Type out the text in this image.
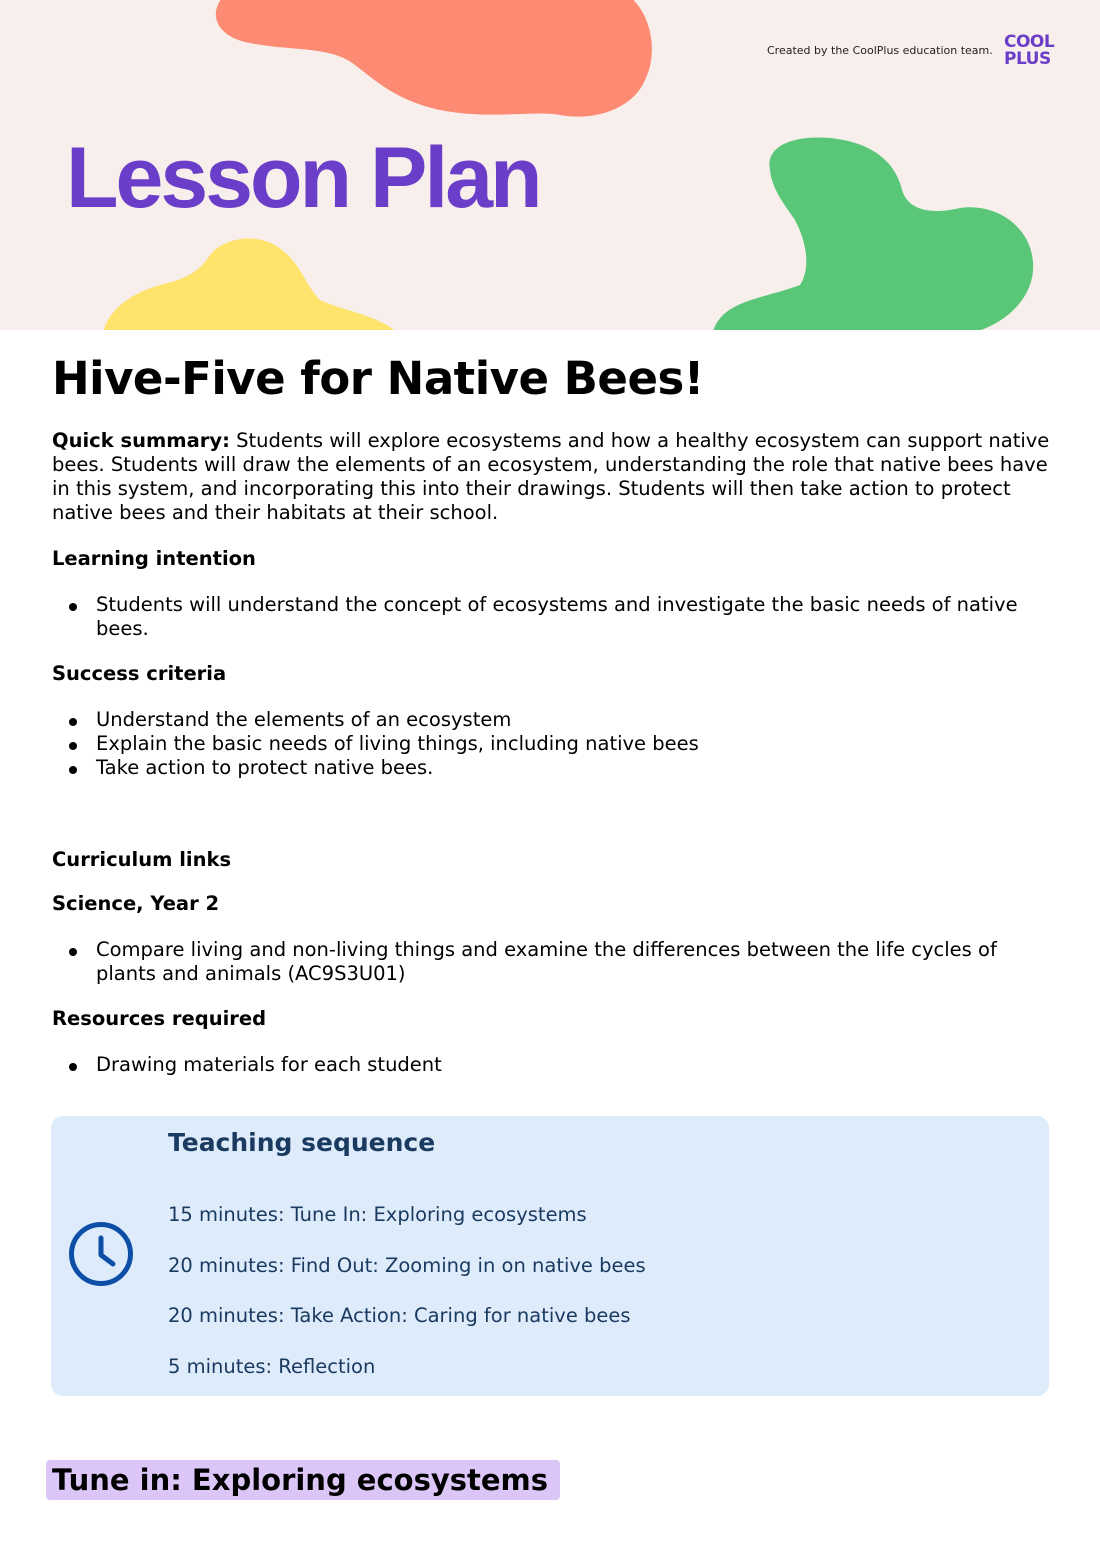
Created by the CoolPlus education team. COOL
PLUS
Lesson Plan
Hive-Five for Native Bees!

Quick summary: Students will explore ecosystems and how a healthy ecosystem can support native bees. Students will draw the elements of an ecosystem, understanding the role that native bees have in this system, and incorporating this into their drawings. Students will then take action to protect native bees and their habitats at their school.

Learning intention
Students will understand the concept of ecosystems and investigate the basic needs of native bees.
Success criteria
Understand the elements of an ecosystem
Explain the basic needs of living things, including native bees
Take action to protect native bees.
Curriculum links
Science, Year 2
Compare living and non-living things and examine the differences between the life cycles of plants and animals (AC9S3U01)
Resources required
Drawing materials for each student
Teaching sequence
15 minutes: Tune In: Exploring ecosystems
20 minutes: Find Out: Zooming in on native bees
20 minutes: Take Action: Caring for native bees
5 minutes: Reflection
Tune in: Exploring ecosystems
